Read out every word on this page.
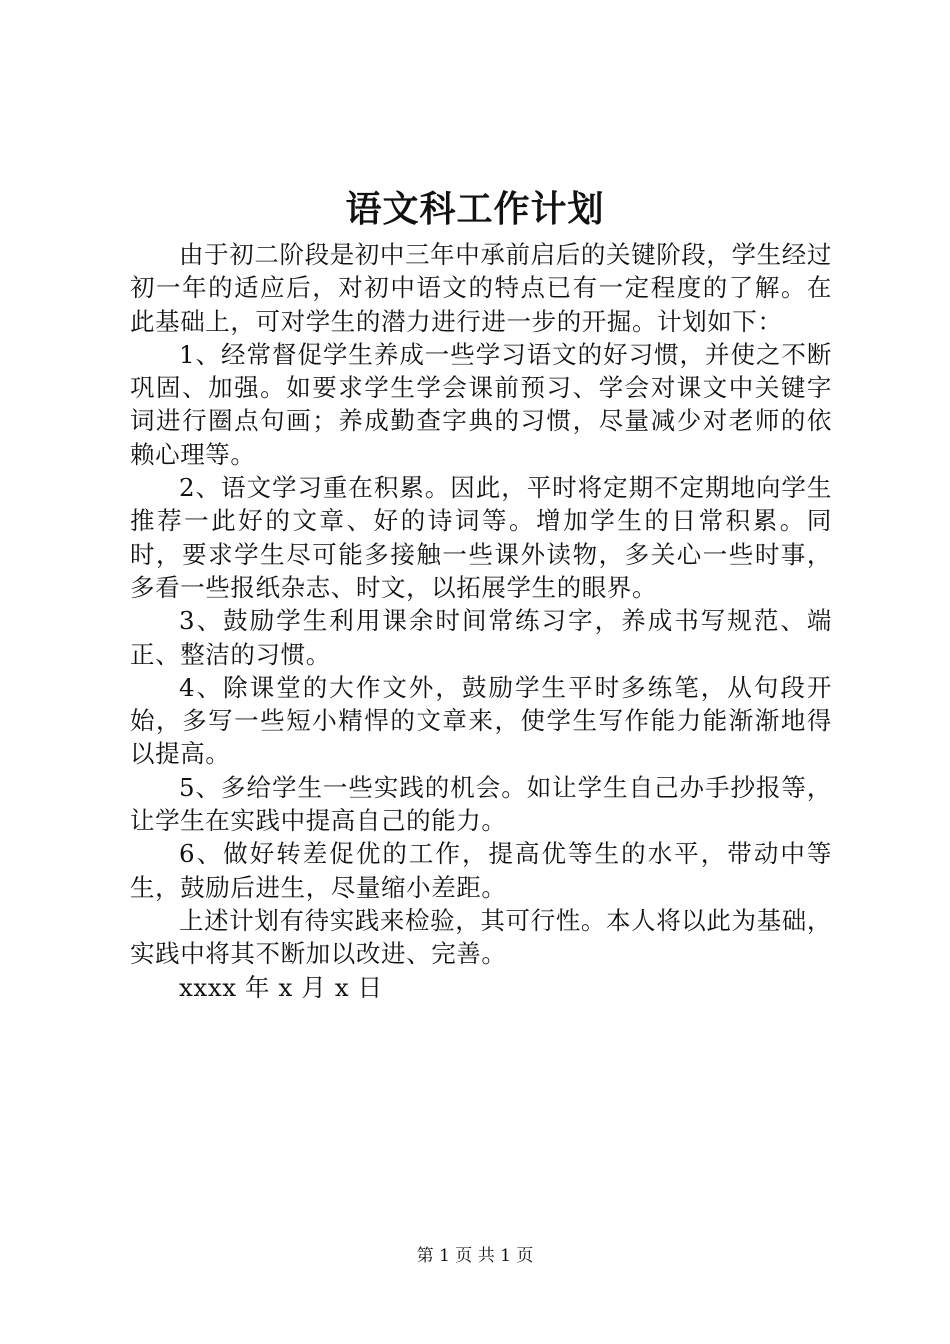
语文科工作计划

由于初二阶段是初中三年中承前启后的关键阶段，学生经过初一年的适应后，对初中语文的特点已有一定程度的了解。在此基础上，可对学生的潜力进行进一步的开掘。计划如下：

1、经常督促学生养成一些学习语文的好习惯，并使之不断巩固、加强。如要求学生学会课前预习、学会对课文中关键字词进行圈点句画；养成勤查字典的习惯，尽量减少对老师的依赖心理等。

2、语文学习重在积累。因此，平时将定期不定期地向学生推荐一此好的文章、好的诗词等。增加学生的日常积累。同时，要求学生尽可能多接触一些课外读物，多关心一些时事，多看一些报纸杂志、时文，以拓展学生的眼界。

3、鼓励学生利用课余时间常练习字，养成书写规范、端正、整洁的习惯。

4、除课堂的大作文外，鼓励学生平时多练笔，从句段开始，多写一些短小精悍的文章来，使学生写作能力能渐渐地得以提高。

5、多给学生一些实践的机会。如让学生自己办手抄报等，让学生在实践中提高自己的能力。

6、做好转差促优的工作，提高优等生的水平，带动中等生，鼓励后进生，尽量缩小差距。

上述计划有待实践来检验，其可行性。本人将以此为基础，实践中将其不断加以改进、完善。

xxxx 年 x 月 x 日

第 1 页 共 1 页
